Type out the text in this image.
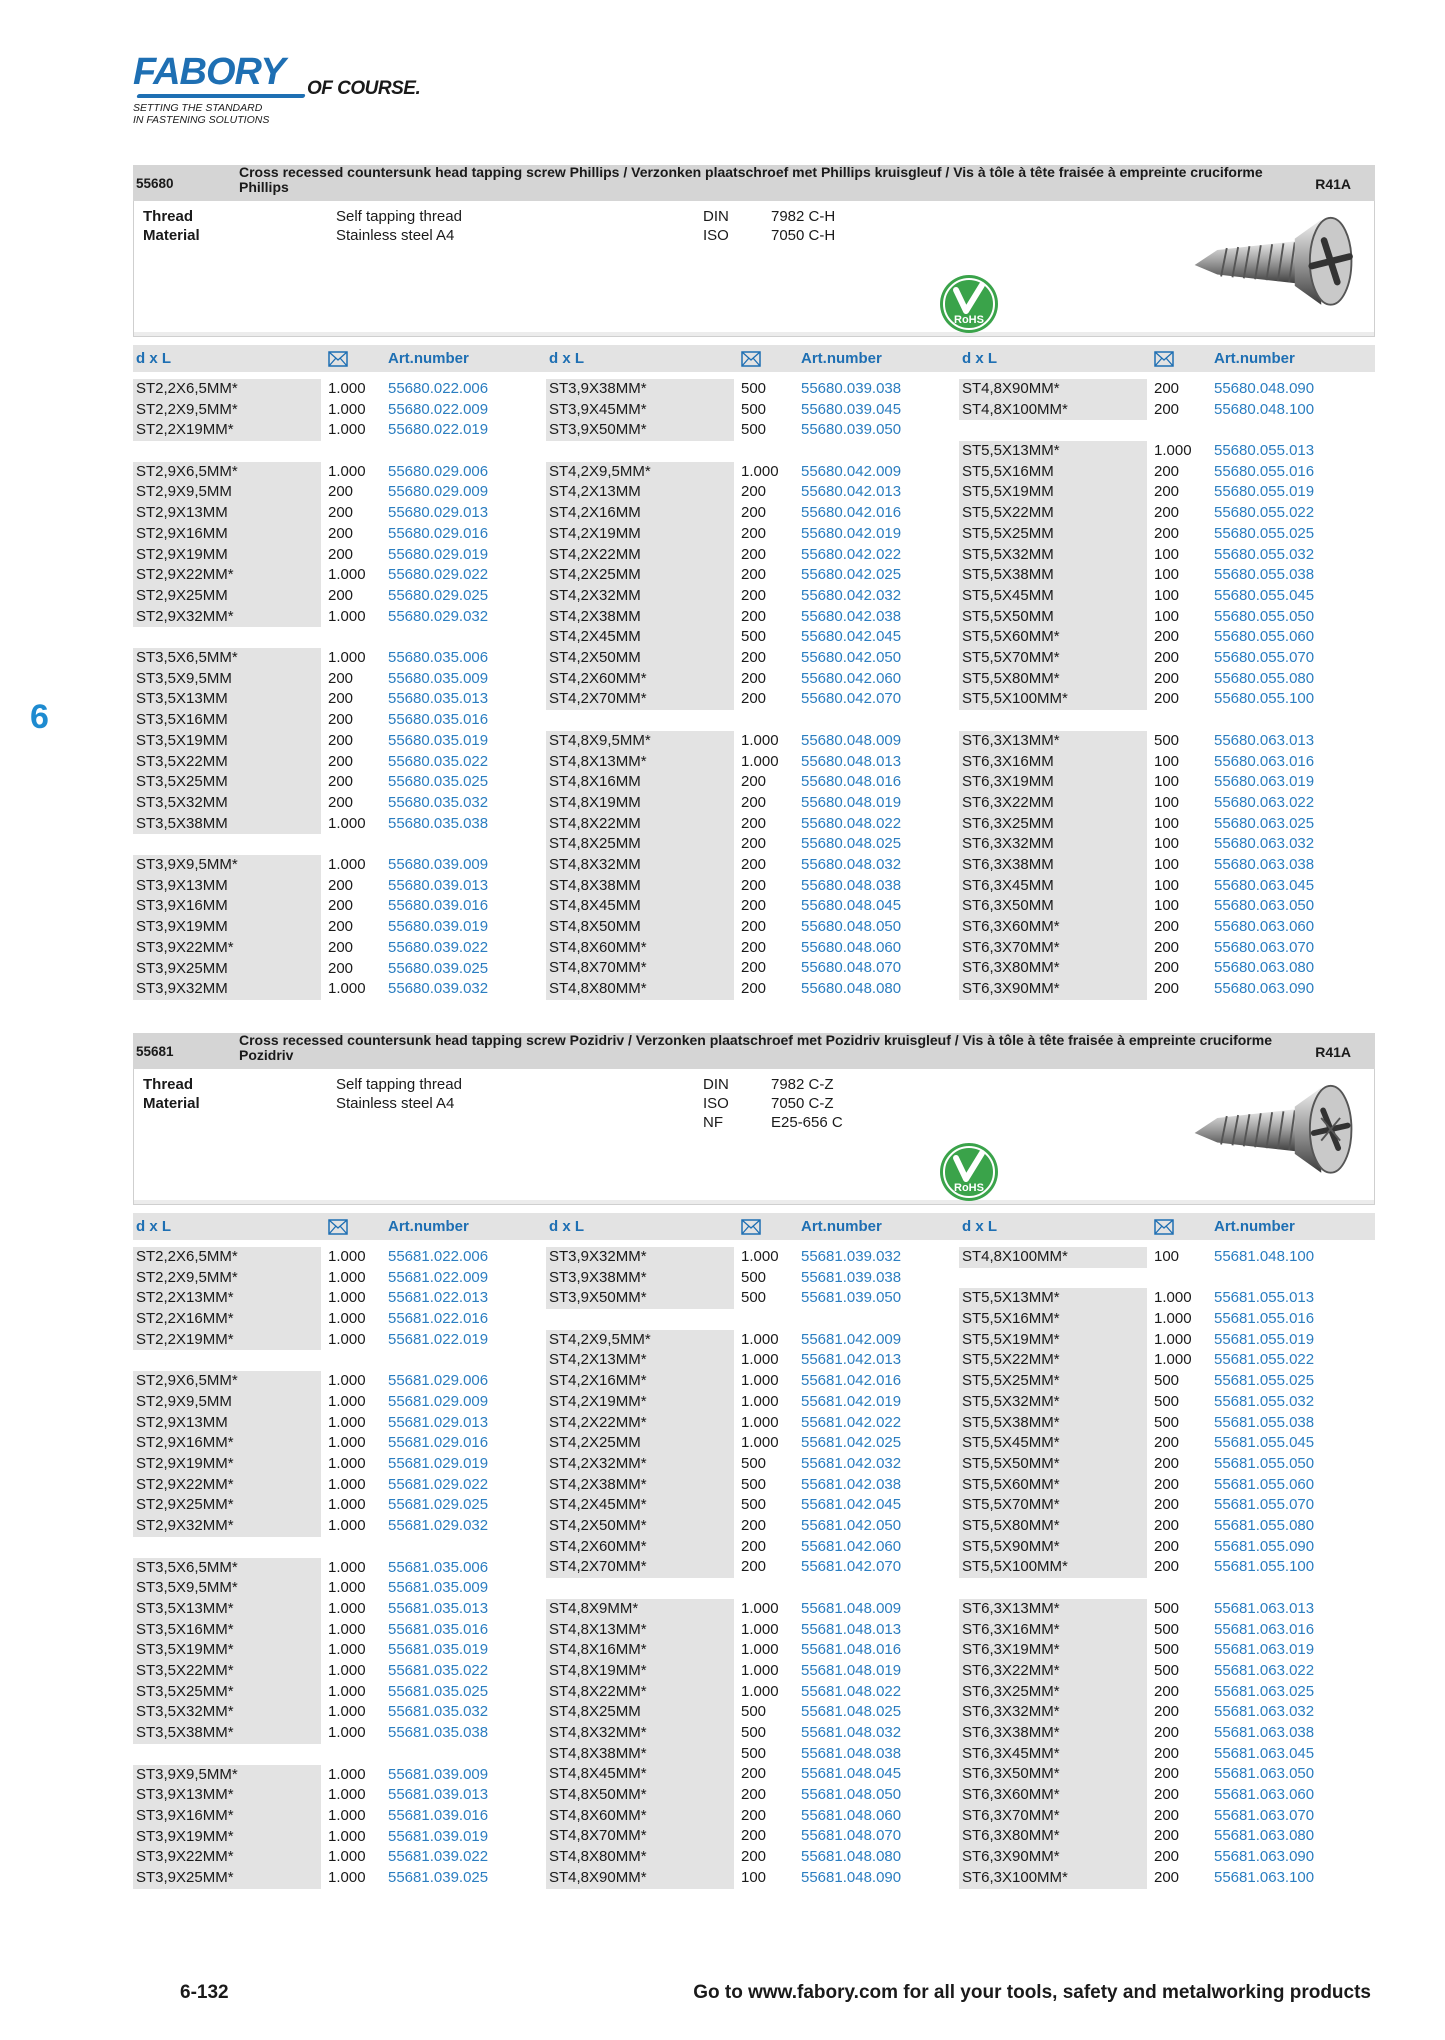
FABORY OF COURSE.
SETTING THE STANDARD
IN FASTENING SOLUTIONS
6
55680
Cross recessed countersunk head tapping screw Phillips / Verzonken plaatschroef met Phillips kruisgleuf / Vis à tôle à tête fraisée à empreinte cruciforme Phillips	R41A
Thread
Material
Self tapping thread
Stainless steel A4
DIN	7982 C-H
ISO	7050 C-H
RoHS
d x L	Art.number	d x L	Art.number	d x L	Art.number
ST2,2X6,5MM*	1.000 55680.022.006
ST2,2X9,5MM*	1.000 55680.022.009
ST2,2X19MM*	1.000 55680.022.019
ST2,9X6,5MM*	1.000 55680.029.006
ST2,9X9,5MM	200 55680.029.009
ST2,9X13MM	200 55680.029.013
ST2,9X16MM	200 55680.029.016
ST2,9X19MM	200 55680.029.019
ST2,9X22MM*	1.000 55680.029.022
ST2,9X25MM	200 55680.029.025
ST2,9X32MM*	1.000 55680.029.032
ST3,5X6,5MM*	1.000 55680.035.006
ST3,5X9,5MM	200 55680.035.009
ST3,5X13MM	200 55680.035.013
ST3,5X16MM	200 55680.035.016
ST3,5X19MM	200 55680.035.019
ST3,5X22MM	200 55680.035.022
ST3,5X25MM	200 55680.035.025
ST3,5X32MM	200 55680.035.032
ST3,5X38MM	1.000 55680.035.038
ST3,9X9,5MM*	1.000 55680.039.009
ST3,9X13MM	200 55680.039.013
ST3,9X16MM	200 55680.039.016
ST3,9X19MM	200 55680.039.019
ST3,9X22MM*	200 55680.039.022
ST3,9X25MM	200 55680.039.025
ST3,9X32MM	1.000 55680.039.032
ST3,9X38MM*	500 55680.039.038
ST3,9X45MM*	500 55680.039.045
ST3,9X50MM*	500 55680.039.050
ST4,2X9,5MM*	1.000 55680.042.009
ST4,2X13MM	200 55680.042.013
ST4,2X16MM	200 55680.042.016
ST4,2X19MM	200 55680.042.019
ST4,2X22MM	200 55680.042.022
ST4,2X25MM	200 55680.042.025
ST4,2X32MM	200 55680.042.032
ST4,2X38MM	200 55680.042.038
ST4,2X45MM	500 55680.042.045
ST4,2X50MM	200 55680.042.050
ST4,2X60MM*	200 55680.042.060
ST4,2X70MM*	200 55680.042.070
ST4,8X9,5MM*	1.000 55680.048.009
ST4,8X13MM*	1.000 55680.048.013
ST4,8X16MM	200 55680.048.016
ST4,8X19MM	200 55680.048.019
ST4,8X22MM	200 55680.048.022
ST4,8X25MM	200 55680.048.025
ST4,8X32MM	200 55680.048.032
ST4,8X38MM	200 55680.048.038
ST4,8X45MM	200 55680.048.045
ST4,8X50MM	200 55680.048.050
ST4,8X60MM*	200 55680.048.060
ST4,8X70MM*	200 55680.048.070
ST4,8X80MM*	200 55680.048.080
ST4,8X90MM*	200 55680.048.090
ST4,8X100MM*	200 55680.048.100
ST5,5X13MM*	1.000 55680.055.013
ST5,5X16MM	200 55680.055.016
ST5,5X19MM	200 55680.055.019
ST5,5X22MM	200 55680.055.022
ST5,5X25MM	200 55680.055.025
ST5,5X32MM	100 55680.055.032
ST5,5X38MM	100 55680.055.038
ST5,5X45MM	100 55680.055.045
ST5,5X50MM	100 55680.055.050
ST5,5X60MM*	200 55680.055.060
ST5,5X70MM*	200 55680.055.070
ST5,5X80MM*	200 55680.055.080
ST5,5X100MM*	200 55680.055.100
ST6,3X13MM*	500 55680.063.013
ST6,3X16MM	100 55680.063.016
ST6,3X19MM	100 55680.063.019
ST6,3X22MM	100 55680.063.022
ST6,3X25MM	100 55680.063.025
ST6,3X32MM	100 55680.063.032
ST6,3X38MM	100 55680.063.038
ST6,3X45MM	100 55680.063.045
ST6,3X50MM	100 55680.063.050
ST6,3X60MM*	200 55680.063.060
ST6,3X70MM*	200 55680.063.070
ST6,3X80MM*	200 55680.063.080
ST6,3X90MM*	200 55680.063.090
55681
Cross recessed countersunk head tapping screw Pozidriv / Verzonken plaatschroef met Pozidriv kruisgleuf / Vis à tôle à tête fraisée à empreinte cruciforme Pozidriv	R41A
Thread
Material
Self tapping thread
Stainless steel A4
DIN	7982 C-Z
ISO	7050 C-Z
NF	E25-656 C
RoHS
d x L	Art.number	d x L	Art.number	d x L	Art.number
ST2,2X6,5MM*	1.000 55681.022.006
ST2,2X9,5MM*	1.000 55681.022.009
ST2,2X13MM*	1.000 55681.022.013
ST2,2X16MM*	1.000 55681.022.016
ST2,2X19MM*	1.000 55681.022.019
ST2,9X6,5MM*	1.000 55681.029.006
ST2,9X9,5MM	1.000 55681.029.009
ST2,9X13MM	1.000 55681.029.013
ST2,9X16MM*	1.000 55681.029.016
ST2,9X19MM*	1.000 55681.029.019
ST2,9X22MM*	1.000 55681.029.022
ST2,9X25MM*	1.000 55681.029.025
ST2,9X32MM*	1.000 55681.029.032
ST3,5X6,5MM*	1.000 55681.035.006
ST3,5X9,5MM*	1.000 55681.035.009
ST3,5X13MM*	1.000 55681.035.013
ST3,5X16MM*	1.000 55681.035.016
ST3,5X19MM*	1.000 55681.035.019
ST3,5X22MM*	1.000 55681.035.022
ST3,5X25MM*	1.000 55681.035.025
ST3,5X32MM*	1.000 55681.035.032
ST3,5X38MM*	1.000 55681.035.038
ST3,9X9,5MM*	1.000 55681.039.009
ST3,9X13MM*	1.000 55681.039.013
ST3,9X16MM*	1.000 55681.039.016
ST3,9X19MM*	1.000 55681.039.019
ST3,9X22MM*	1.000 55681.039.022
ST3,9X25MM*	1.000 55681.039.025
ST3,9X32MM*	1.000 55681.039.032
ST3,9X38MM*	500 55681.039.038
ST3,9X50MM*	500 55681.039.050
ST4,2X9,5MM*	1.000 55681.042.009
ST4,2X13MM*	1.000 55681.042.013
ST4,2X16MM*	1.000 55681.042.016
ST4,2X19MM*	1.000 55681.042.019
ST4,2X22MM*	1.000 55681.042.022
ST4,2X25MM	1.000 55681.042.025
ST4,2X32MM*	500 55681.042.032
ST4,2X38MM*	500 55681.042.038
ST4,2X45MM*	500 55681.042.045
ST4,2X50MM*	200 55681.042.050
ST4,2X60MM*	200 55681.042.060
ST4,2X70MM*	200 55681.042.070
ST4,8X9MM*	1.000 55681.048.009
ST4,8X13MM*	1.000 55681.048.013
ST4,8X16MM*	1.000 55681.048.016
ST4,8X19MM*	1.000 55681.048.019
ST4,8X22MM*	1.000 55681.048.022
ST4,8X25MM	500 55681.048.025
ST4,8X32MM*	500 55681.048.032
ST4,8X38MM*	500 55681.048.038
ST4,8X45MM*	200 55681.048.045
ST4,8X50MM*	200 55681.048.050
ST4,8X60MM*	200 55681.048.060
ST4,8X70MM*	200 55681.048.070
ST4,8X80MM*	200 55681.048.080
ST4,8X90MM*	100 55681.048.090
ST4,8X100MM*	100 55681.048.100
ST5,5X13MM*	1.000 55681.055.013
ST5,5X16MM*	1.000 55681.055.016
ST5,5X19MM*	1.000 55681.055.019
ST5,5X22MM*	1.000 55681.055.022
ST5,5X25MM*	500 55681.055.025
ST5,5X32MM*	500 55681.055.032
ST5,5X38MM*	500 55681.055.038
ST5,5X45MM*	200 55681.055.045
ST5,5X50MM*	200 55681.055.050
ST5,5X60MM*	200 55681.055.060
ST5,5X70MM*	200 55681.055.070
ST5,5X80MM*	200 55681.055.080
ST5,5X90MM*	200 55681.055.090
ST5,5X100MM*	200 55681.055.100
ST6,3X13MM*	500 55681.063.013
ST6,3X16MM*	500 55681.063.016
ST6,3X19MM*	500 55681.063.019
ST6,3X22MM*	500 55681.063.022
ST6,3X25MM*	200 55681.063.025
ST6,3X32MM*	200 55681.063.032
ST6,3X38MM*	200 55681.063.038
ST6,3X45MM*	200 55681.063.045
ST6,3X50MM*	200 55681.063.050
ST6,3X60MM*	200 55681.063.060
ST6,3X70MM*	200 55681.063.070
ST6,3X80MM*	200 55681.063.080
ST6,3X90MM*	200 55681.063.090
ST6,3X100MM*	200 55681.063.100
6-132	Go to www.fabory.com for all your tools, safety and metalworking products
